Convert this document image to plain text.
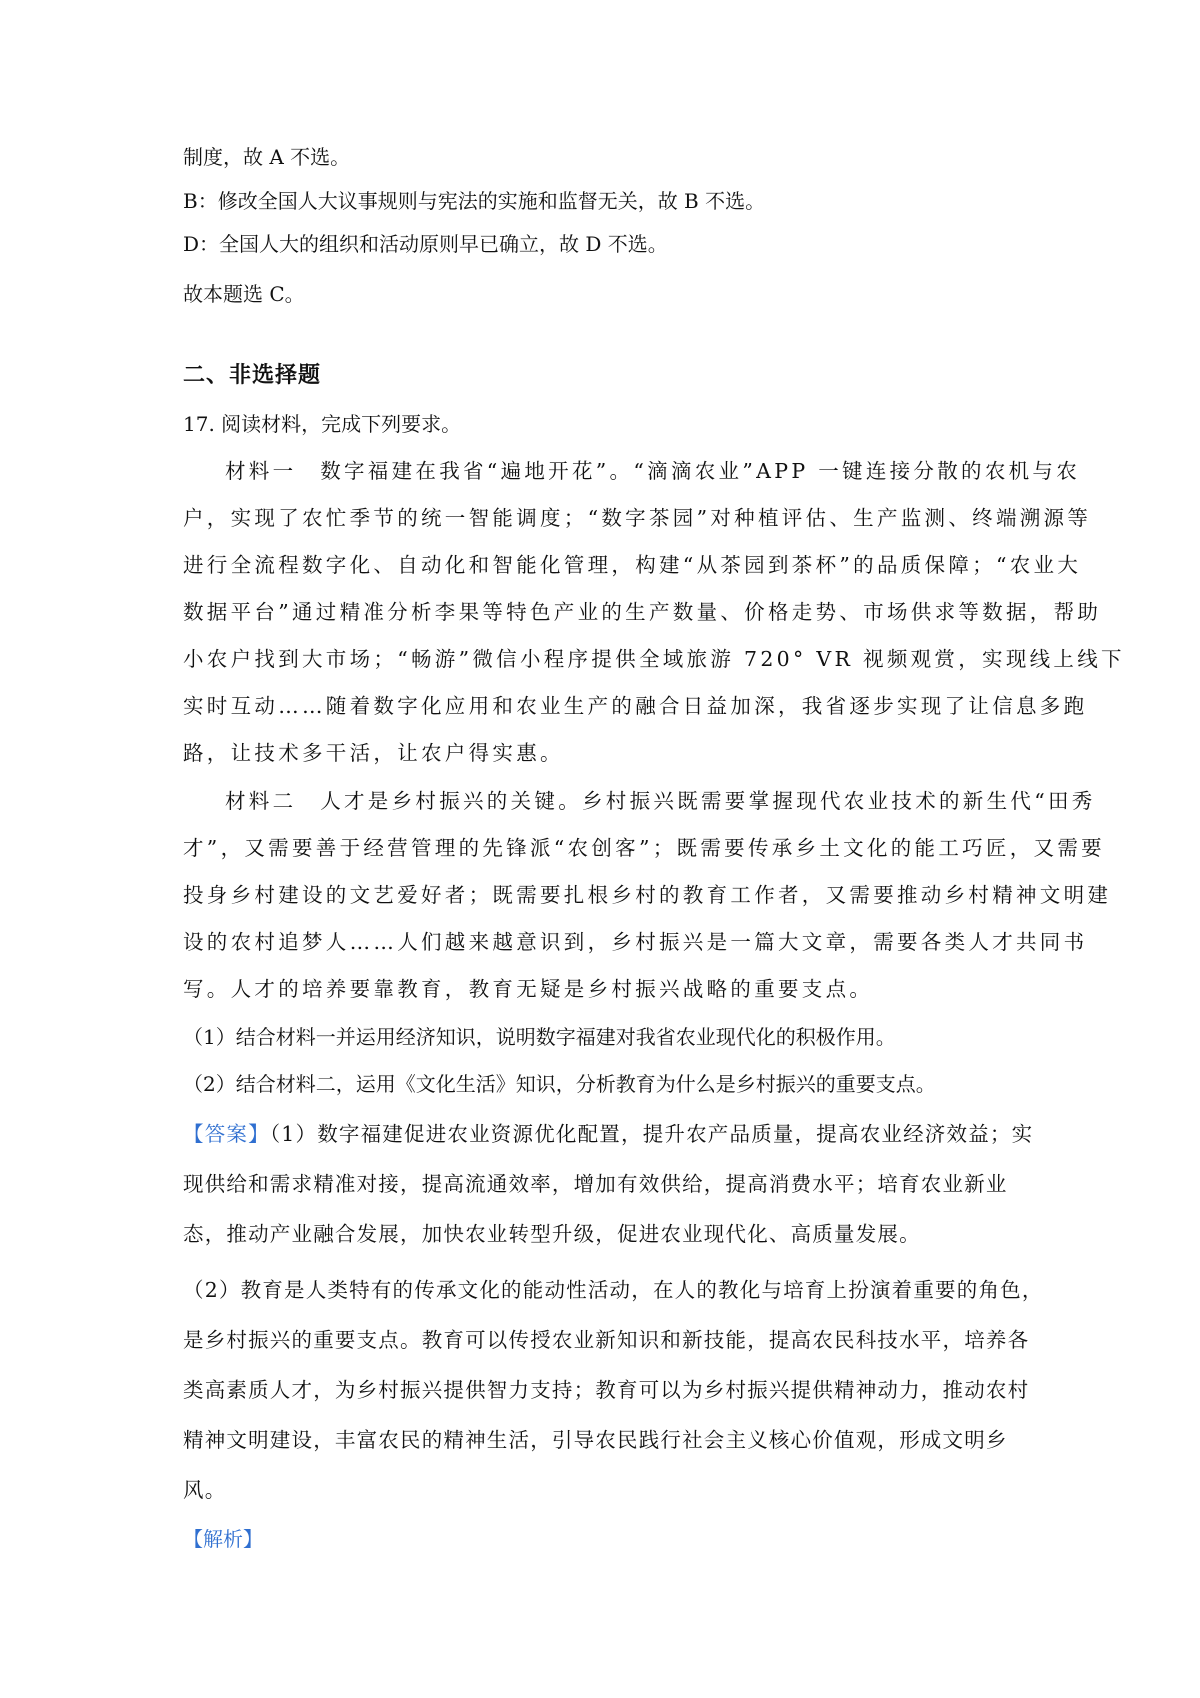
制度，故 A 不选。
B：修改全国人大议事规则与宪法的实施和监督无关，故 B 不选。
D：全国人大的组织和活动原则早已确立，故 D 不选。
故本题选 C。
二、非选择题
17. 阅读材料，完成下列要求。
材料一　数字福建在我省“遍地开花”。“滴滴农业”APP 一键连接分散的农机与农
户，实现了农忙季节的统一智能调度；“数字茶园”对种植评估、生产监测、终端溯源等
进行全流程数字化、自动化和智能化管理，构建“从茶园到茶杯”的品质保障；“农业大
数据平台”通过精准分析李果等特色产业的生产数量、价格走势、市场供求等数据，帮助
小农户找到大市场；“畅游”微信小程序提供全域旅游 720° VR 视频观赏，实现线上线下
实时互动……随着数字化应用和农业生产的融合日益加深，我省逐步实现了让信息多跑
路，让技术多干活，让农户得实惠。
材料二　人才是乡村振兴的关键。乡村振兴既需要掌握现代农业技术的新生代“田秀
才”，又需要善于经营管理的先锋派“农创客”；既需要传承乡土文化的能工巧匠，又需要
投身乡村建设的文艺爱好者；既需要扎根乡村的教育工作者，又需要推动乡村精神文明建
设的农村追梦人……人们越来越意识到，乡村振兴是一篇大文章，需要各类人才共同书
写。人才的培养要靠教育，教育无疑是乡村振兴战略的重要支点。
（1）结合材料一并运用经济知识，说明数字福建对我省农业现代化的积极作用。
（2）结合材料二，运用《文化生活》知识，分析教育为什么是乡村振兴的重要支点。
【答案】（1）数字福建促进农业资源优化配置，提升农产品质量，提高农业经济效益；实
现供给和需求精准对接，提高流通效率，增加有效供给，提高消费水平；培育农业新业
态，推动产业融合发展，加快农业转型升级，促进农业现代化、高质量发展。
（2）教育是人类特有的传承文化的能动性活动，在人的教化与培育上扮演着重要的角色，
是乡村振兴的重要支点。教育可以传授农业新知识和新技能，提高农民科技水平，培养各
类高素质人才，为乡村振兴提供智力支持；教育可以为乡村振兴提供精神动力，推动农村
精神文明建设，丰富农民的精神生活，引导农民践行社会主义核心价值观，形成文明乡
风。
【解析】
